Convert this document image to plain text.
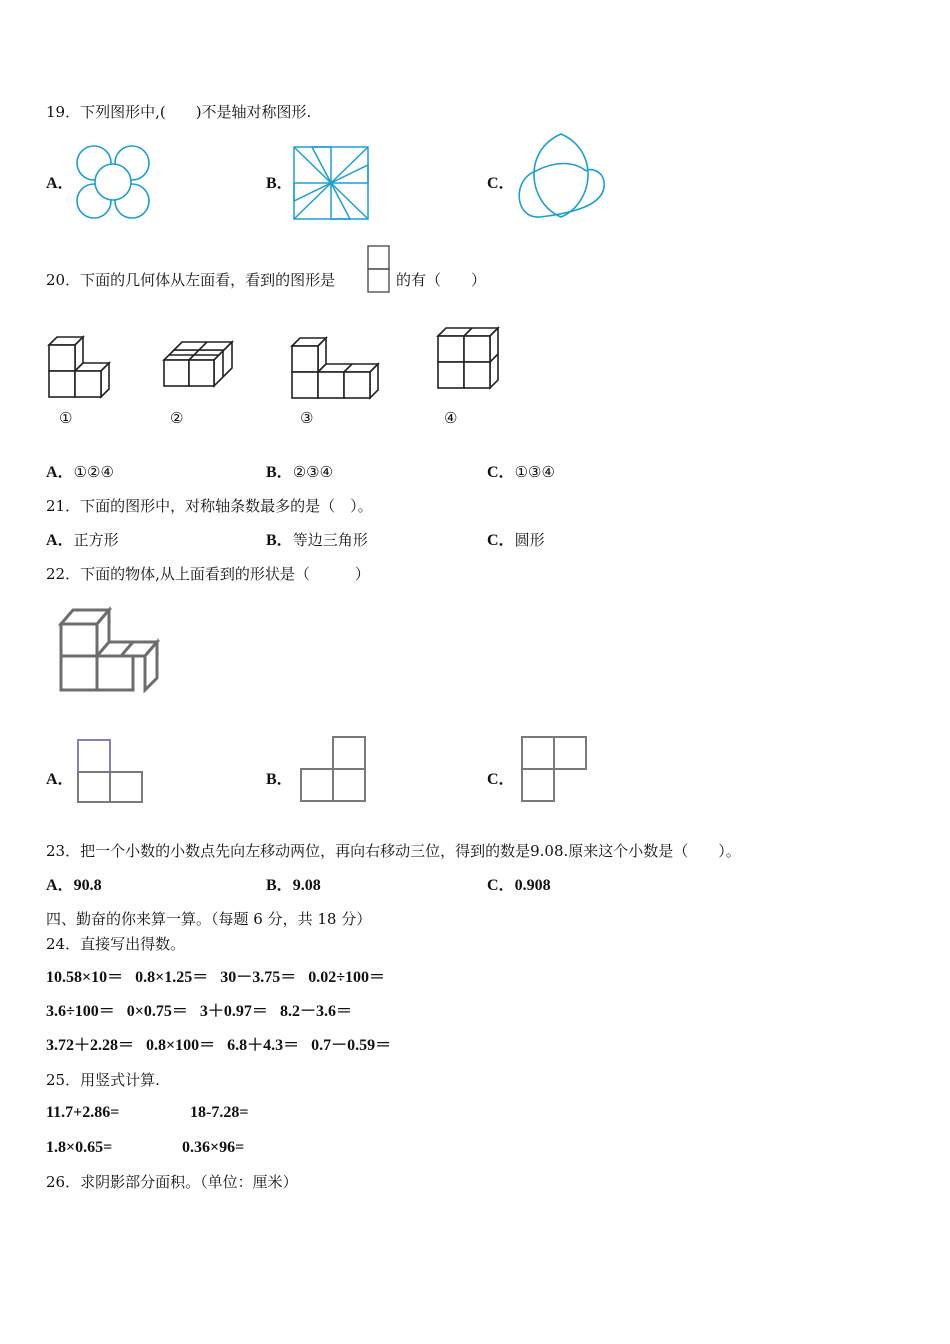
19．下列图形中,(　　)不是轴对称图形.
A．	B．	C．
20．下面的几何体从左面看，看到的图形是	的有（　　）
①	②	③	④
A．①②④	B．②③④	C．①③④
21．下面的图形中，对称轴条数最多的是（　）。
A．正方形	B．等边三角形	C．圆形
22．下面的物体,从上面看到的形状是（　　　）
A．	B．	C．
23．把一个小数的小数点先向左移动两位，再向右移动三位，得到的数是9.08.原来这个小数是（　　）。
A．90.8	B．9.08	C．0.908
四、勤奋的你来算一算。（每题 6 分，共 18 分）
24．直接写出得数。
10.58×10＝ 0.8×1.25＝ 30－3.75＝ 0.02÷100＝
3.6÷100＝ 0×0.75＝ 3＋0.97＝ 8.2－3.6＝
3.72＋2.28＝ 0.8×100＝ 6.8＋4.3＝ 0.7－0.59＝
25．用竖式计算.
11.7+2.86=	18-7.28=
1.8×0.65=	0.36×96=
26．求阴影部分面积。（单位：厘米）
